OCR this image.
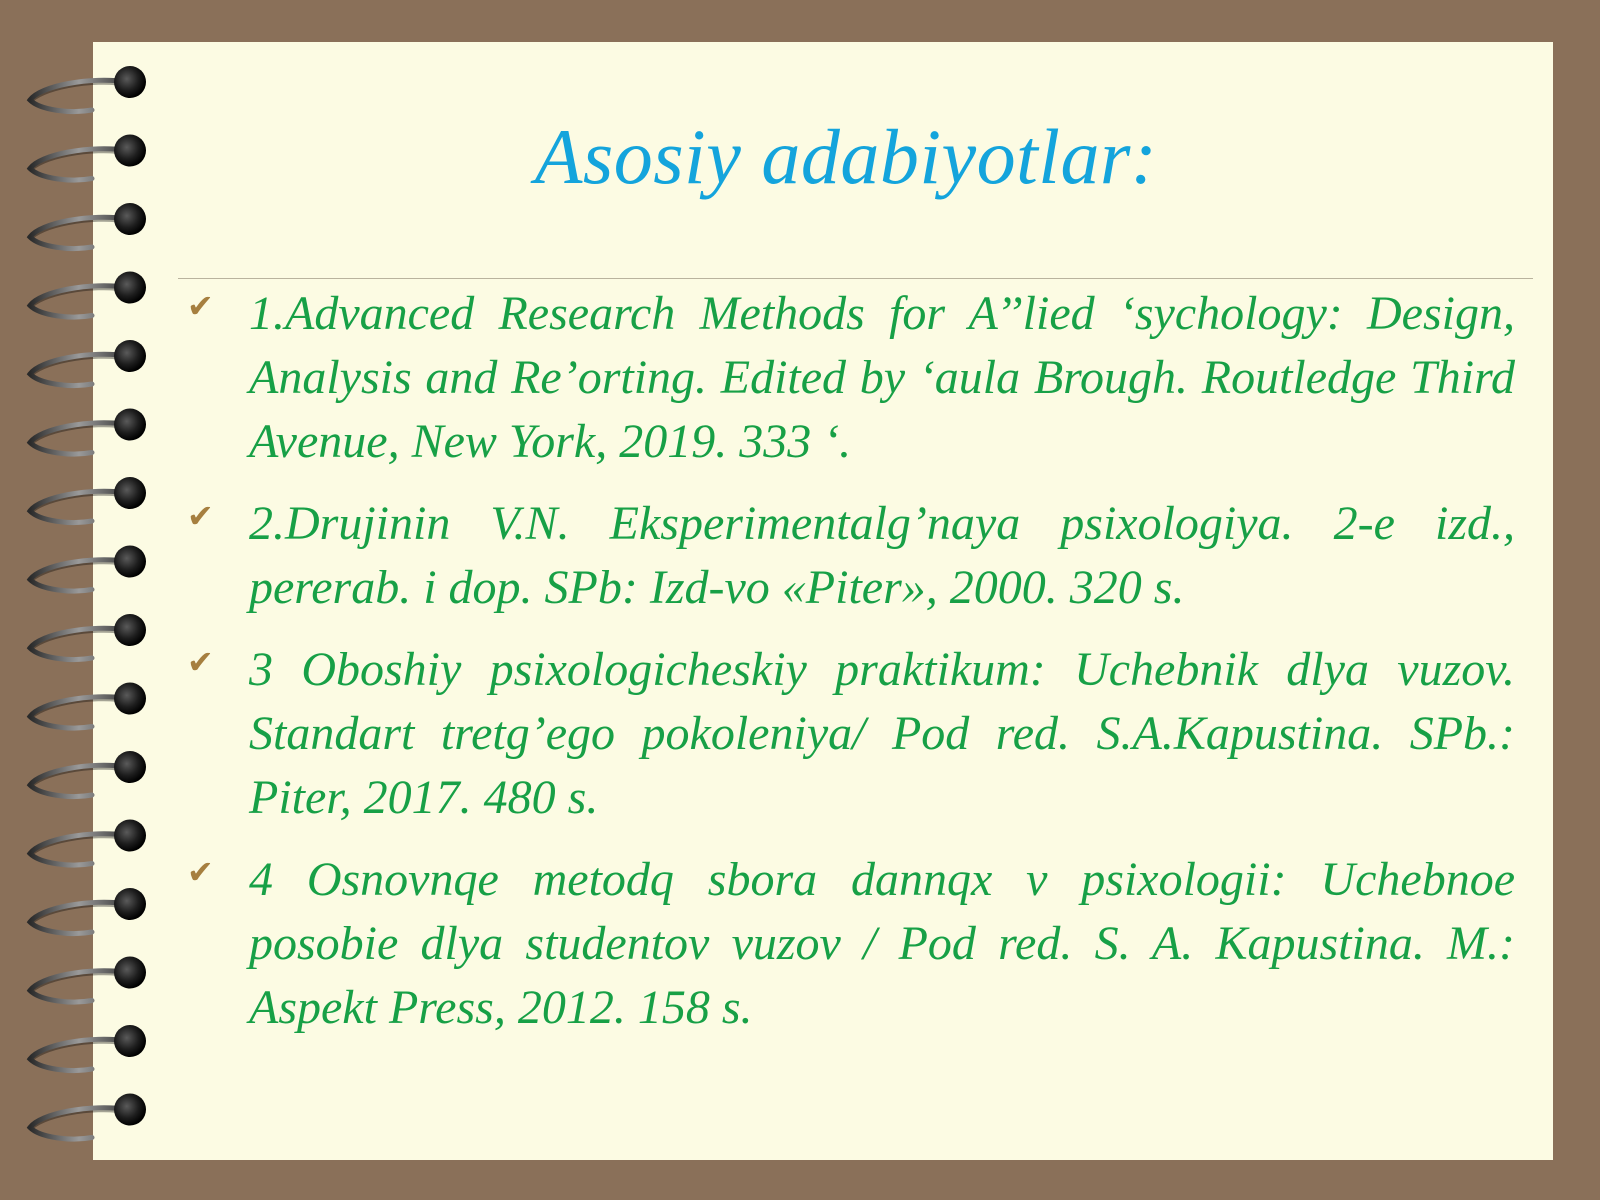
Asosiy adabiyotlar:
✔ 1.Advanced Research Methods for A’’lied ‘sychology: Design, Analysis and Re’orting. Edited by ‘aula Brough. Routledge Third Avenue, New York, 2019. 333 ‘.
✔ 2.Drujinin V.N. Eksperimentalg’naya psixologiya. 2-e izd., pererab. i dop. SPb: Izd-vo «Piter», 2000. 320 s.
✔ 3 Oboshiy psixologicheskiy praktikum: Uchebnik dlya vuzov. Standart tretg’ego pokoleniya/ Pod red. S.A.Kapustina. SPb.: Piter, 2017. 480 s.
✔ 4 Osnovnqe metodq sbora dannqx v psixologii: Uchebnoe posobie dlya studentov vuzov / Pod red. S. A. Kapustina. M.: Aspekt Press, 2012. 158 s.
